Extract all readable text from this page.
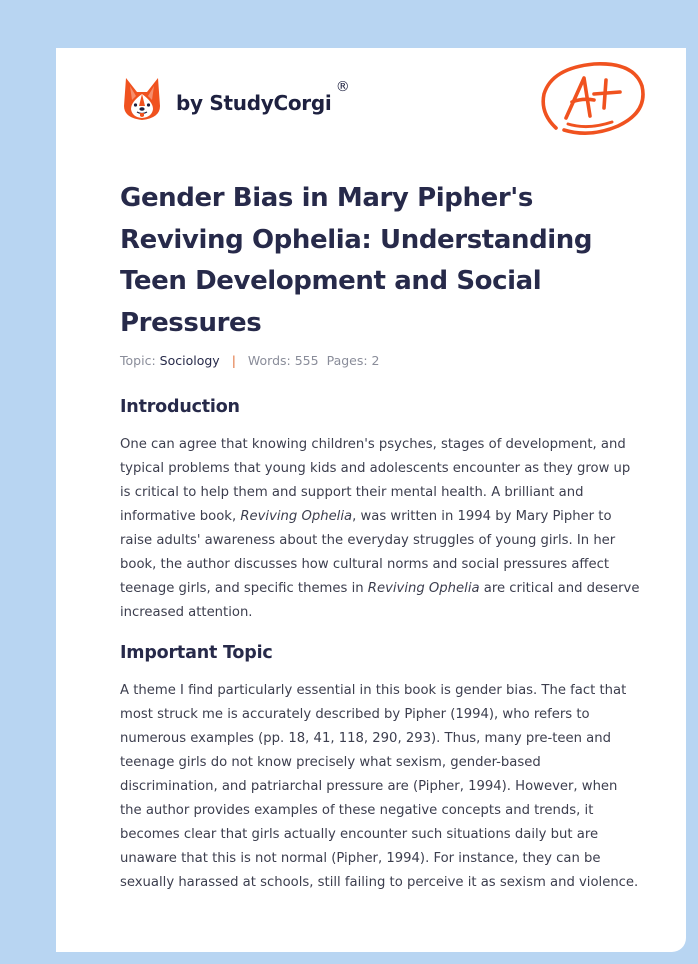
by StudyCorgi
®
Gender Bias in Mary Pipher's Reviving Ophelia: Understanding Teen Development and Social Pressures
Topic: Sociology | Words: 555 Pages: 2
Introduction

One can agree that knowing children's psyches, stages of development, and typical problems that young kids and adolescents encounter as they grow up is critical to help them and support their mental health. A brilliant and informative book, Reviving Ophelia, was written in 1994 by Mary Pipher to raise adults' awareness about the everyday struggles of young girls. In her book, the author discusses how cultural norms and social pressures affect teenage girls, and specific themes in Reviving Ophelia are critical and deserve increased attention.

Important Topic

A theme I find particularly essential in this book is gender bias. The fact that most struck me is accurately described by Pipher (1994), who refers to numerous examples (pp. 18, 41, 118, 290, 293). Thus, many pre-teen and teenage girls do not know precisely what sexism, gender-based discrimination, and patriarchal pressure are (Pipher, 1994). However, when the author provides examples of these negative concepts and trends, it becomes clear that girls actually encounter such situations daily but are unaware that this is not normal (Pipher, 1994). For instance, they can be sexually harassed at schools, still failing to perceive it as sexism and violence.
